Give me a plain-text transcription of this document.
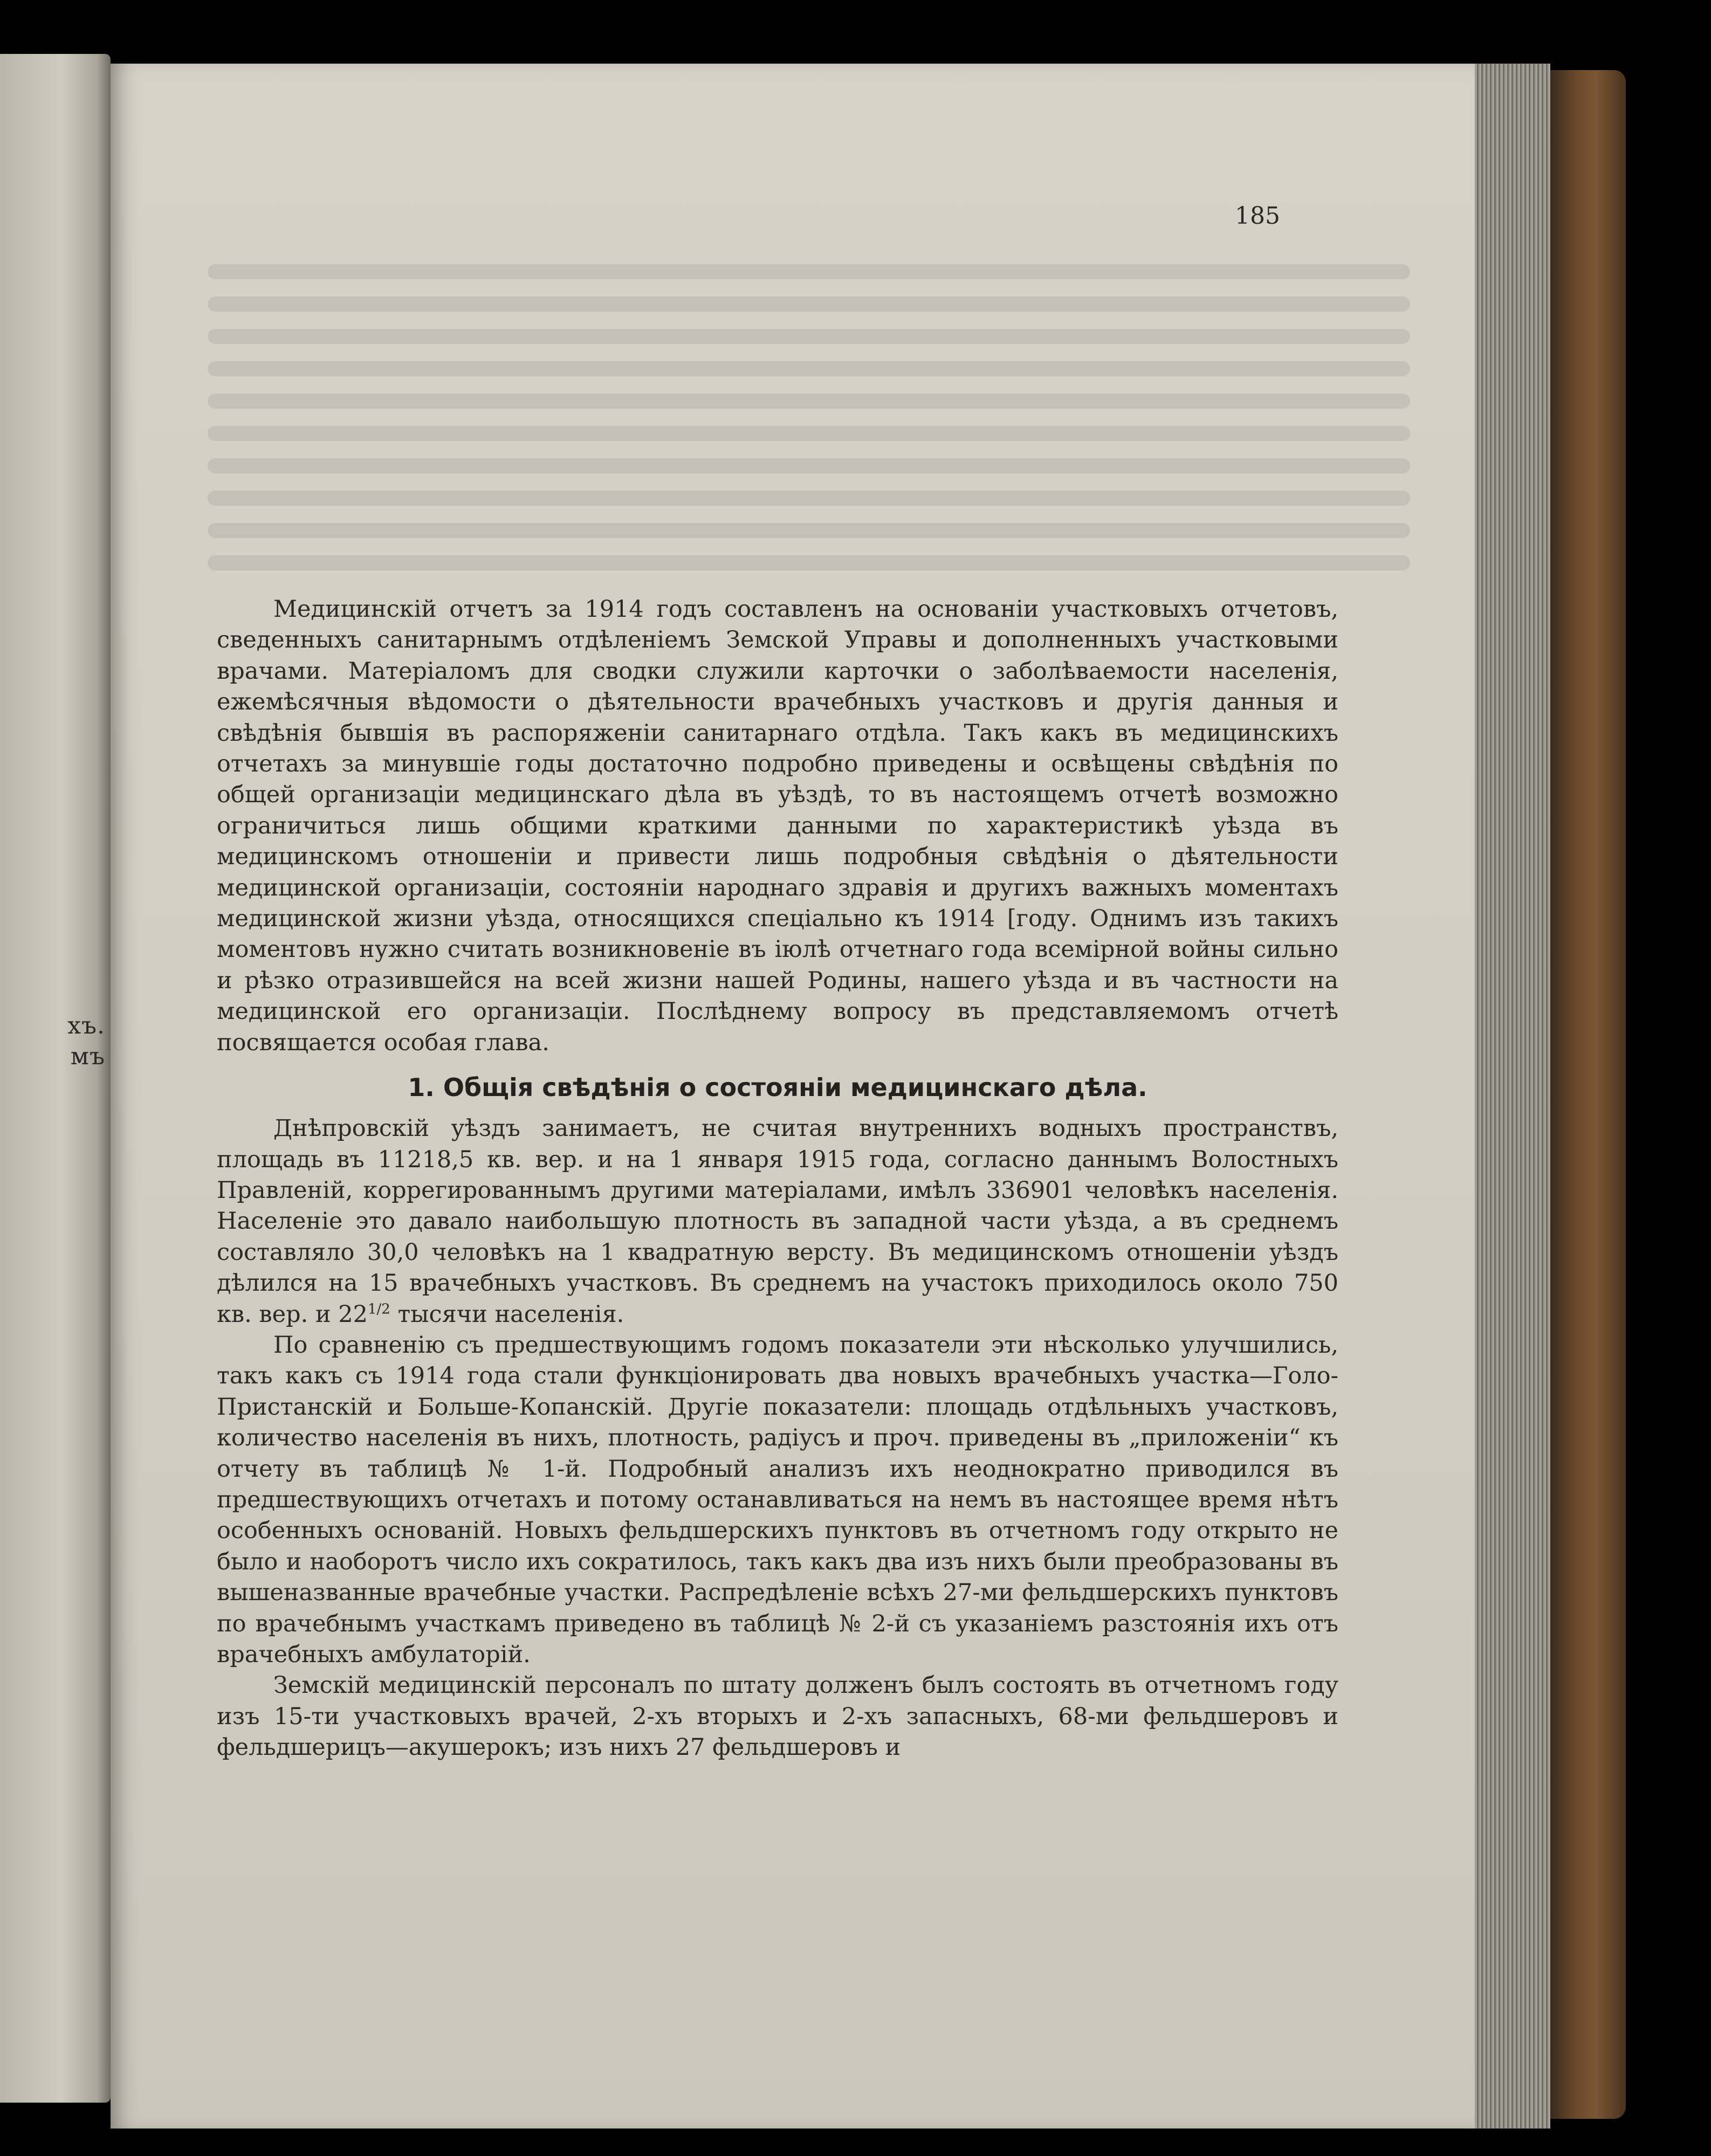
хъ.
мъ
185

Медицинскій отчетъ за 1914 годъ составленъ на основаніи участковыхъ отчетовъ, сведенныхъ санитарнымъ отдѣленіемъ Земской Управы и дополненныхъ участковыми врачами. Матеріаломъ для сводки служили карточки о заболѣваемости населенія, ежемѣсячныя вѣдомости о дѣятельности врачебныхъ участковъ и другія данныя и свѣдѣнія бывшія въ распоряженіи санитарнаго отдѣла. Такъ какъ въ медицинскихъ отчетахъ за минувшіе годы достаточно подробно приведены и освѣщены свѣдѣнія по общей организаціи медицинскаго дѣла въ уѣздѣ, то въ настоящемъ отчетѣ возможно ограничиться лишь общими краткими данными по характеристикѣ уѣзда въ медицинскомъ отношеніи и привести лишь подробныя свѣдѣнія о дѣятельности медицинской организаціи, состояніи народнаго здравія и другихъ важныхъ моментахъ медицинской жизни уѣзда, относящихся спеціально къ 1914 [году. Однимъ изъ такихъ моментовъ нужно считать возникновеніе въ іюлѣ отчетнаго года всемірной войны сильно и рѣзко отразившейся на всей жизни нашей Родины, нашего уѣзда и въ частности на медицинской его организаціи. Послѣднему вопросу въ представляемомъ отчетѣ посвящается особая глава.

1. Общія свѣдѣнія о состояніи медицинскаго дѣла.

Днѣпровскій уѣздъ занимаетъ, не считая внутреннихъ водныхъ пространствъ, площадь въ 11218,5 кв. вер. и на 1 января 1915 года, согласно даннымъ Волостныхъ Правленій, коррегированнымъ другими матеріалами, имѣлъ 336901 человѣкъ населенія. Населеніе это давало наибольшую плотность въ западной части уѣзда, а въ среднемъ составляло 30,0 человѣкъ на 1 квадратную версту. Въ медицинскомъ отношеніи уѣздъ дѣлился на 15 врачебныхъ участковъ. Въ среднемъ на участокъ приходилось около 750 кв. вер. и $22^{1/2}$ тысячи населенія.

По сравненію съ предшествующимъ годомъ показатели эти нѣсколько улучшились, такъ какъ съ 1914 года стали функціонировать два новыхъ врачебныхъ участка—Голо-Пристанскій и Больше-Копанскій. Другіе показатели: площадь отдѣльныхъ участковъ, количество населенія въ нихъ, плотность, радіусъ и проч. приведены въ „приложеніи“ къ отчету въ таблицѣ № 1-й. Подробный анализъ ихъ неоднократно приводился въ предшествующихъ отчетахъ и потому останавливаться на немъ въ настоящее время нѣтъ особенныхъ основаній. Новыхъ фельдшерскихъ пунктовъ въ отчетномъ году открыто не было и наоборотъ число ихъ сократилось, такъ какъ два изъ нихъ были преобразованы въ вышеназванные врачебные участки. Распредѣленіе всѣхъ 27-ми фельдшерскихъ пунктовъ по врачебнымъ участкамъ приведено въ таблицѣ № 2-й съ указаніемъ разстоянія ихъ отъ врачебныхъ амбулаторій.

Земскій медицинскій персоналъ по штату долженъ былъ состоять въ отчетномъ году изъ 15-ти участковыхъ врачей, 2-хъ вторыхъ и 2-хъ запасныхъ, 68-ми фельдшеровъ и фельдшерицъ—акушерокъ; изъ нихъ 27 фельдшеровъ и
